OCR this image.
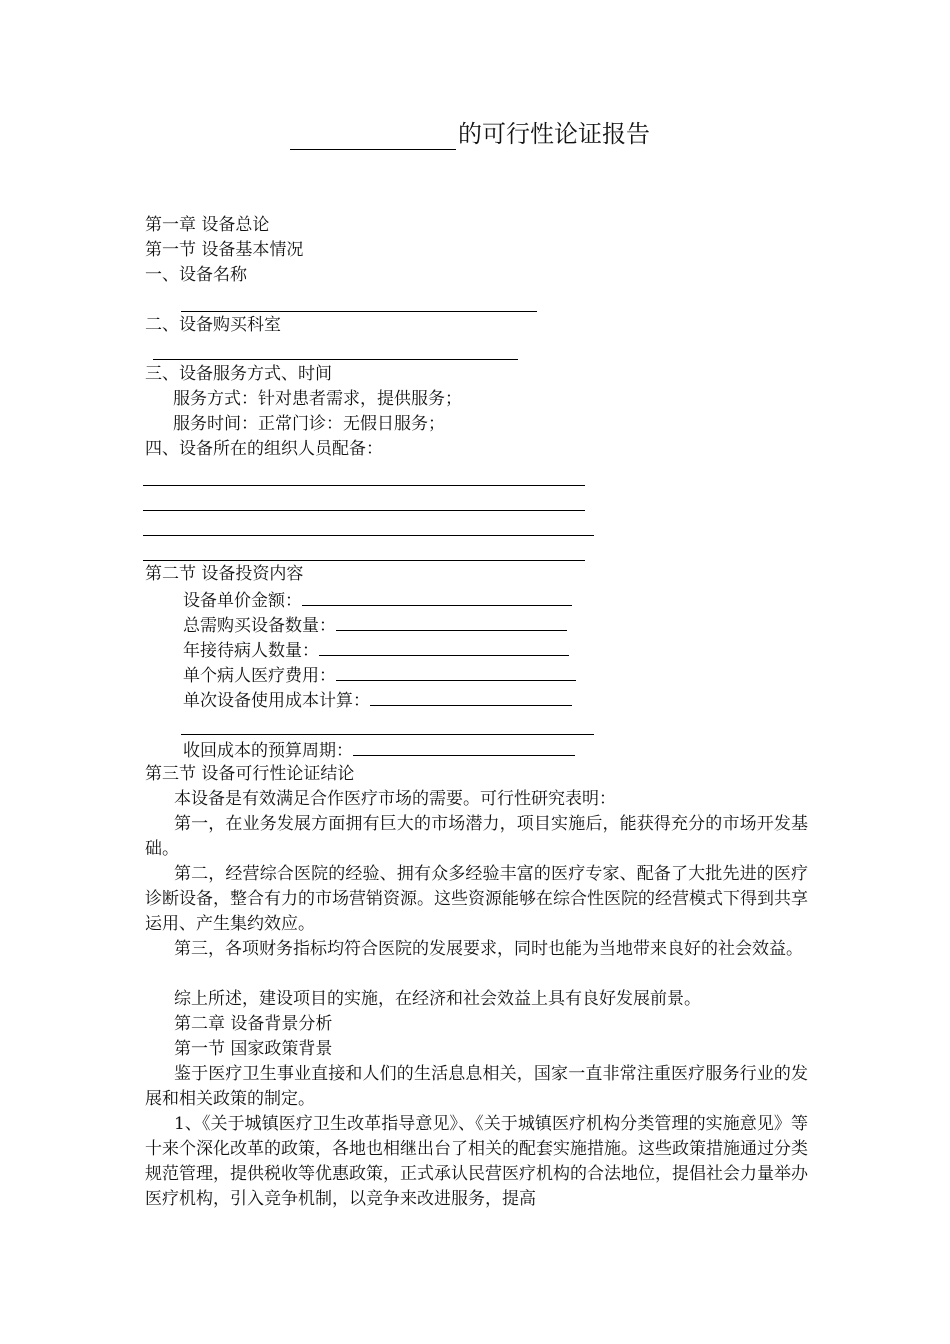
的可行性论证报告
第一章 设备总论
第一节 设备基本情况
一、设备名称
二、设备购买科室
三、设备服务方式、时间
服务方式：针对患者需求，提供服务；
服务时间：正常门诊：无假日服务；
四、设备所在的组织人员配备：
第二节 设备投资内容
设备单价金额：
总需购买设备数量：
年接待病人数量：
单个病人医疗费用：
单次设备使用成本计算：
收回成本的预算周期：
第三节 设备可行性论证结论
本设备是有效满足合作医疗市场的需要。可行性研究表明：
第一，在业务发展方面拥有巨大的市场潜力，项目实施后，能获得充分的市场开发基础。
第二，经营综合医院的经验、拥有众多经验丰富的医疗专家、配备了大批先进的医疗诊断设备，整合有力的市场营销资源。这些资源能够在综合性医院的经营模式下得到共享运用、产生集约效应。
第三，各项财务指标均符合医院的发展要求，同时也能为当地带来良好的社会效益。
综上所述，建设项目的实施，在经济和社会效益上具有良好发展前景。
第二章 设备背景分析
第一节 国家政策背景
鉴于医疗卫生事业直接和人们的生活息息相关，国家一直非常注重医疗服务行业的发展和相关政策的制定。
1、《关于城镇医疗卫生改革指导意见》、《关于城镇医疗机构分类管理的实施意见》等十来个深化改革的政策，各地也相继出台了相关的配套实施措施。这些政策措施通过分类规范管理，提供税收等优惠政策，正式承认民营医疗机构的合法地位，提倡社会力量举办医疗机构，引入竞争机制，以竞争来改进服务，提高
